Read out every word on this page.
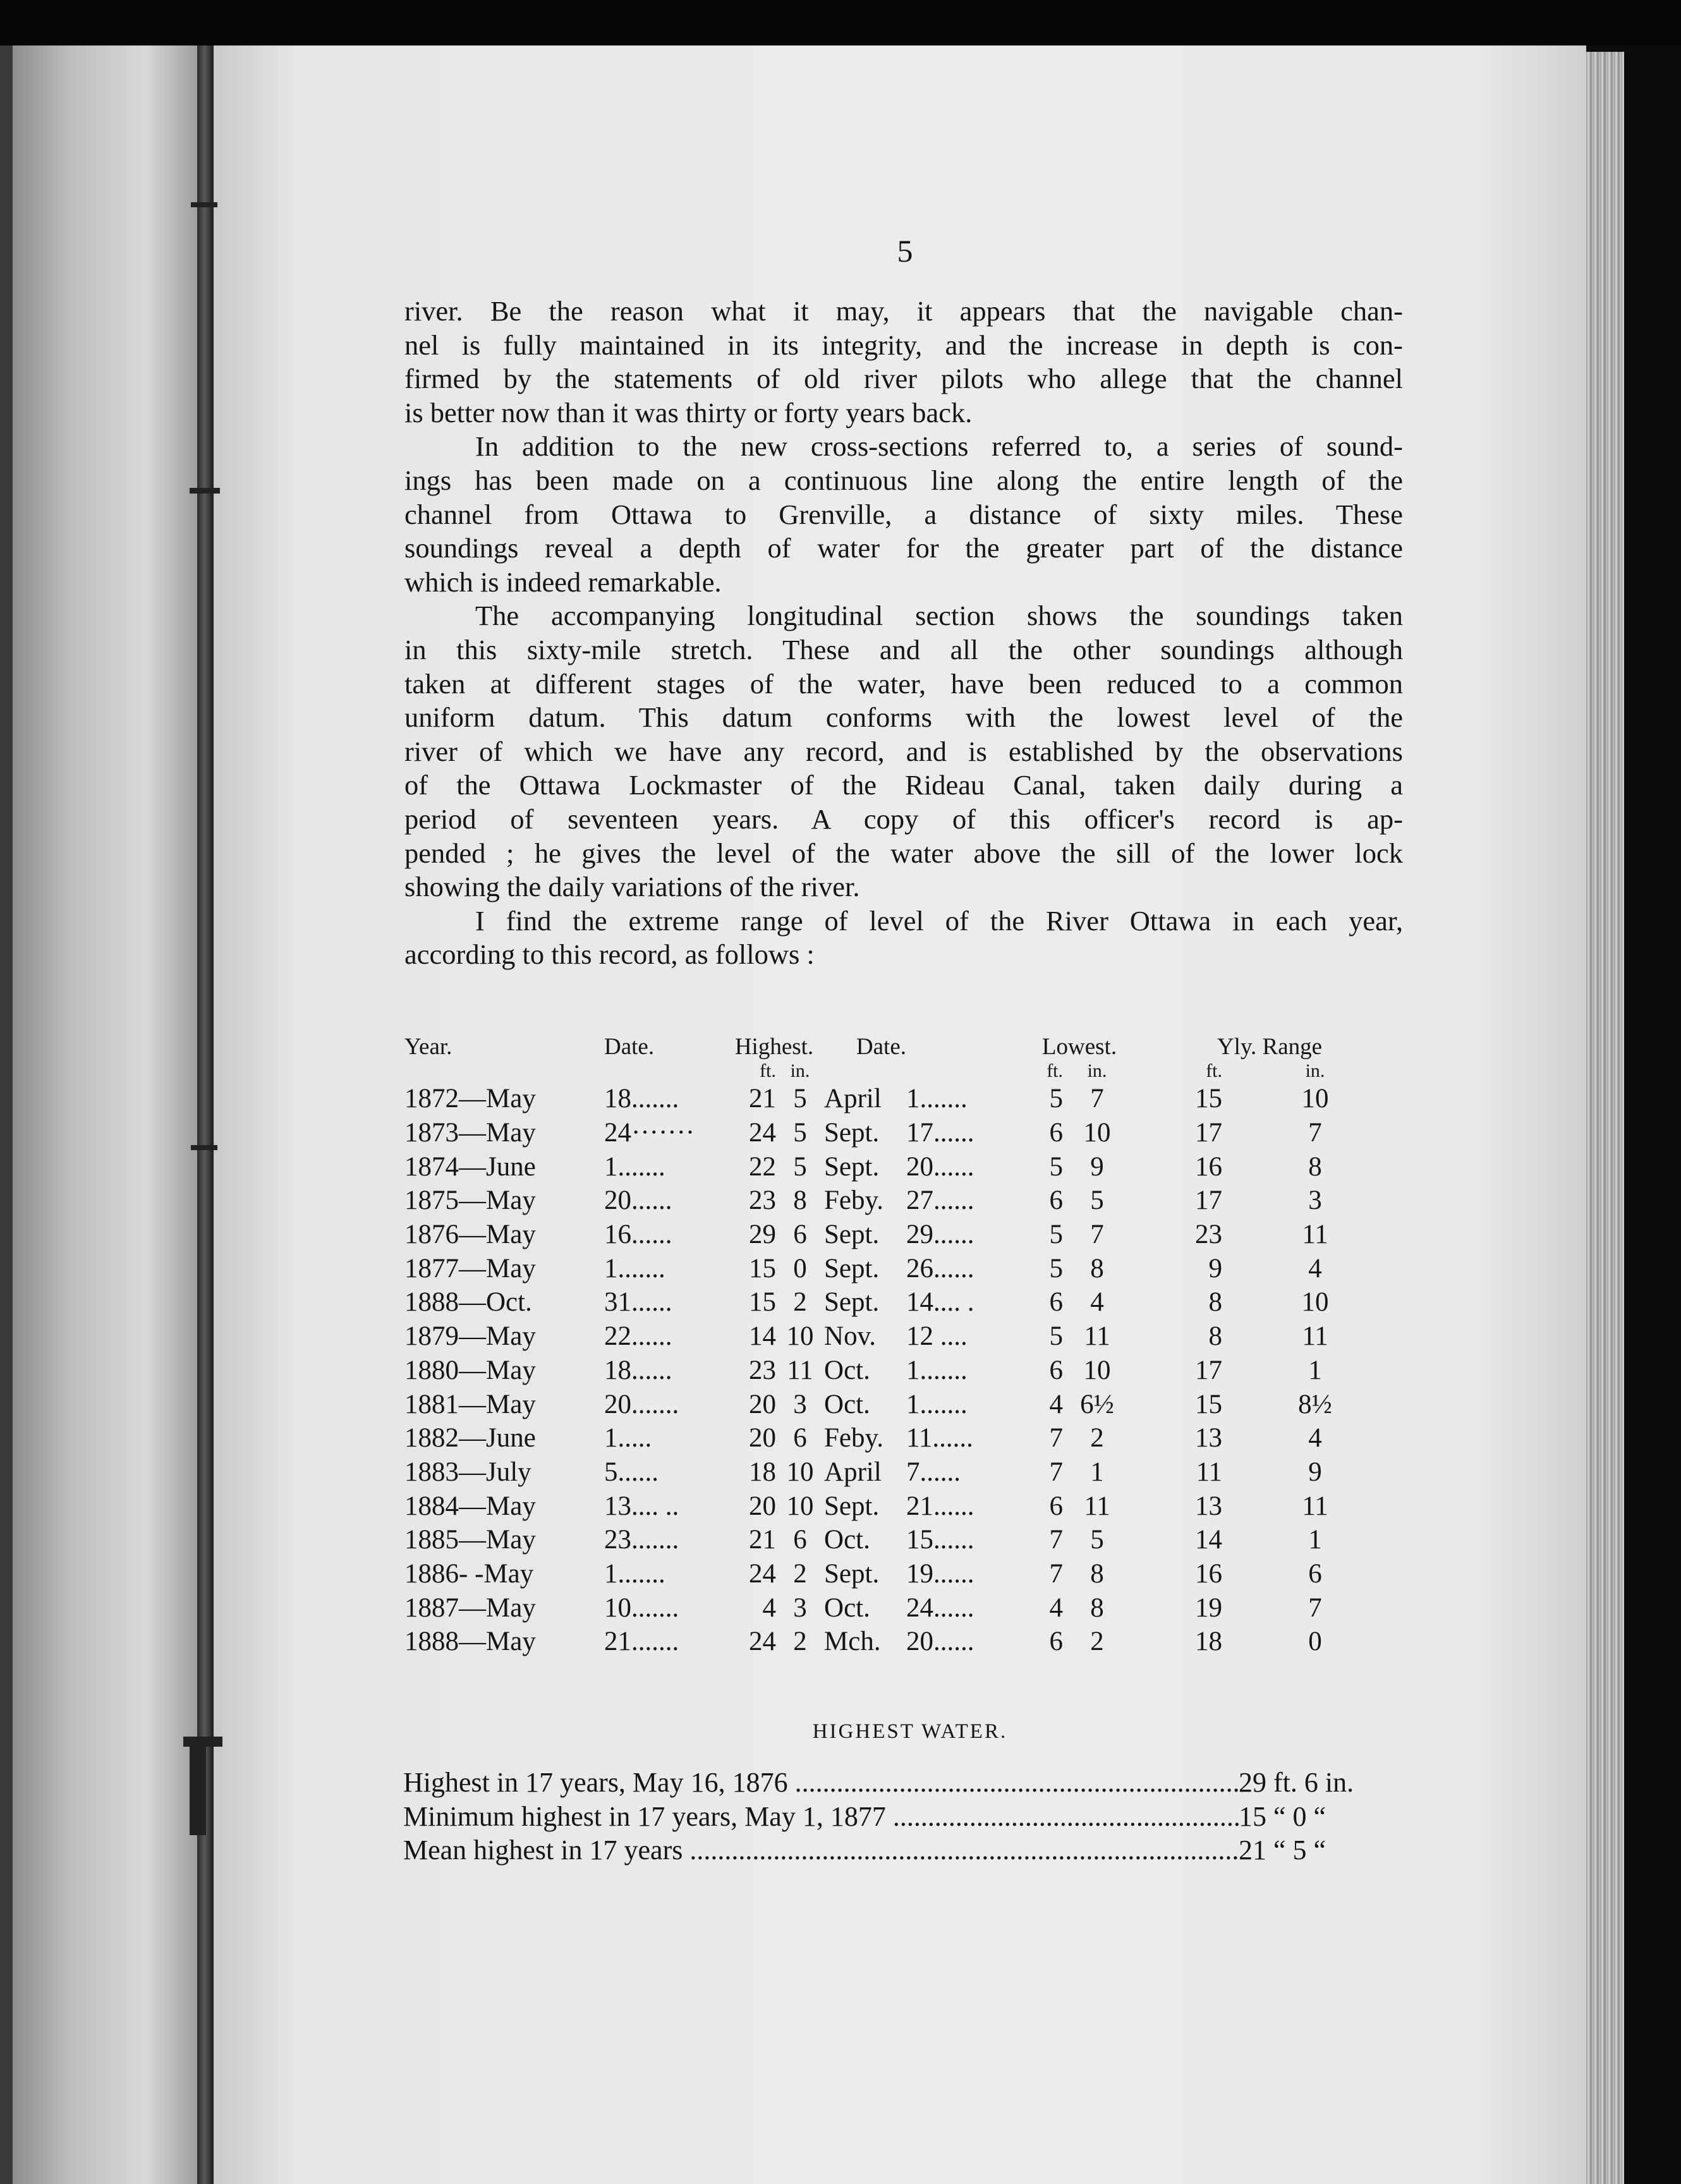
5
river. Be the reason what it may, it appears that the navigable chan-
nel is fully maintained in its integrity, and the increase in depth is con-
firmed by the statements of old river pilots who allege that the channel
is better now than it was thirty or forty years back.
In addition to the new cross-sections referred to, a series of sound-
ings has been made on a continuous line along the entire length of the
channel from Ottawa to Grenville, a distance of sixty miles. These
soundings reveal a depth of water for the greater part of the distance
which is indeed remarkable.
The accompanying longitudinal section shows the soundings taken
in this sixty-mile stretch. These and all the other soundings although
taken at different stages of the water, have been reduced to a common
uniform datum. This datum conforms with the lowest level of the
river of which we have any record, and is established by the observations
of the Ottawa Lockmaster of the Rideau Canal, taken daily during a
period of seventeen years. A copy of this officer's record is ap-
pended ; he gives the level of the water above the sill of the lower lock
showing the daily variations of the river.
I find the extreme range of level of the River Ottawa in each year,
according to this record, as follows :
Year.	Date.	Highest.		Date.		Lowest.		Yly. Range	
		ft.	in.			ft.	in.	ft.	in.
1872—May	18.......	21	5	April	1.......	5	7	15	10
1873—May	24·······	24	5	Sept.	17......	6	10	17	7
1874—June	1.......	22	5	Sept.	20......	5	9	16	8
1875—May	20......	23	8	Feby.	27......	6	5	17	3
1876—May	16......	29	6	Sept.	29......	5	7	23	11
1877—May	1.......	15	0	Sept.	26......	5	8	9	4
1888—Oct.	31......	15	2	Sept.	14.... .	6	4	8	10
1879—May	22......	14	10	Nov.	12 ....	5	11	8	11
1880—May	18......	23	11	Oct.	1.......	6	10	17	1
1881—May	20.......	20	3	Oct.	1.......	4	6½	15	8½
1882—June	1.....	20	6	Feby.	11......	7	2	13	4
1883—July	5......	18	10	April	7......	7	1	11	9
1884—May	13.... ..	20	10	Sept.	21......	6	11	13	11
1885—May	23.......	21	6	Oct.	15......	7	5	14	1
1886- -May	1.......	24	2	Sept.	19......	7	8	16	6
1887—May	10.......	4	3	Oct.	24......	4	8	19	7
1888—May	21.......	24	2	Mch.	20......	6	2	18	0
HIGHEST WATER.
Highest in 17 years, May 16, 1876 .....	29 ft. 6 in.
Minimum highest in 17 years, May 1, 1877 .....	15 “ 0 “
Mean highest in 17 years .....	21 “ 5 “
